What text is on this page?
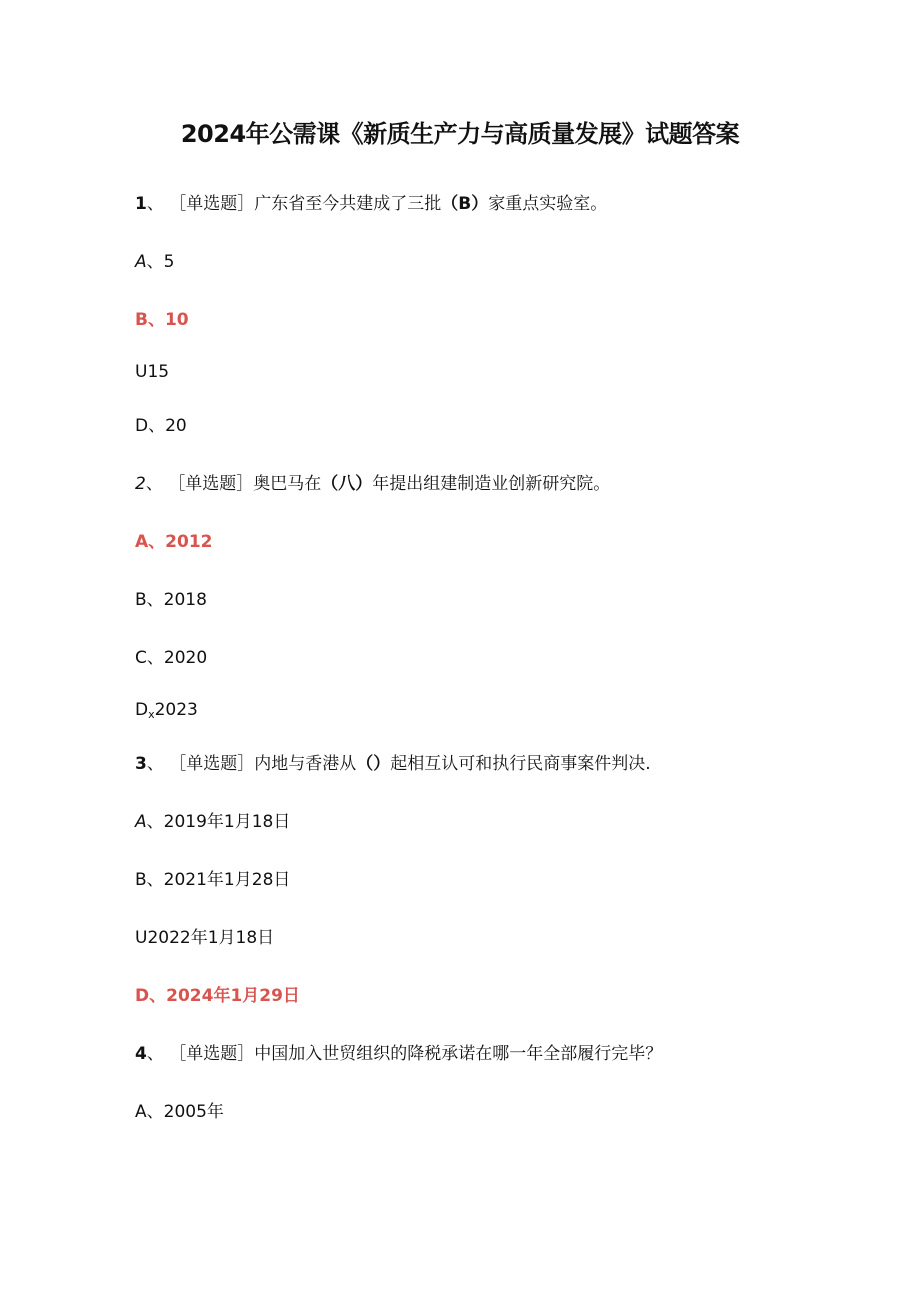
2024年公需课《新质生产力与高质量发展》试题答案

1、 ［单选题］广东省至今共建成了三批（B）家重点实验室。

A、5

B、10

U15

D、20

2、 ［单选题］奥巴马在（八）年提出组建制造业创新研究院。

A、2012

B、2018

C、2020

$D_x2023$

3、 ［单选题］内地与香港从（）起相互认可和执行民商事案件判决.

A、2019年1月18日

B、2021年1月28日

U2022年1月18日

D、2024年1月29日

4、 ［单选题］中国加入世贸组织的降税承诺在哪一年全部履行完毕？

A、2005年
